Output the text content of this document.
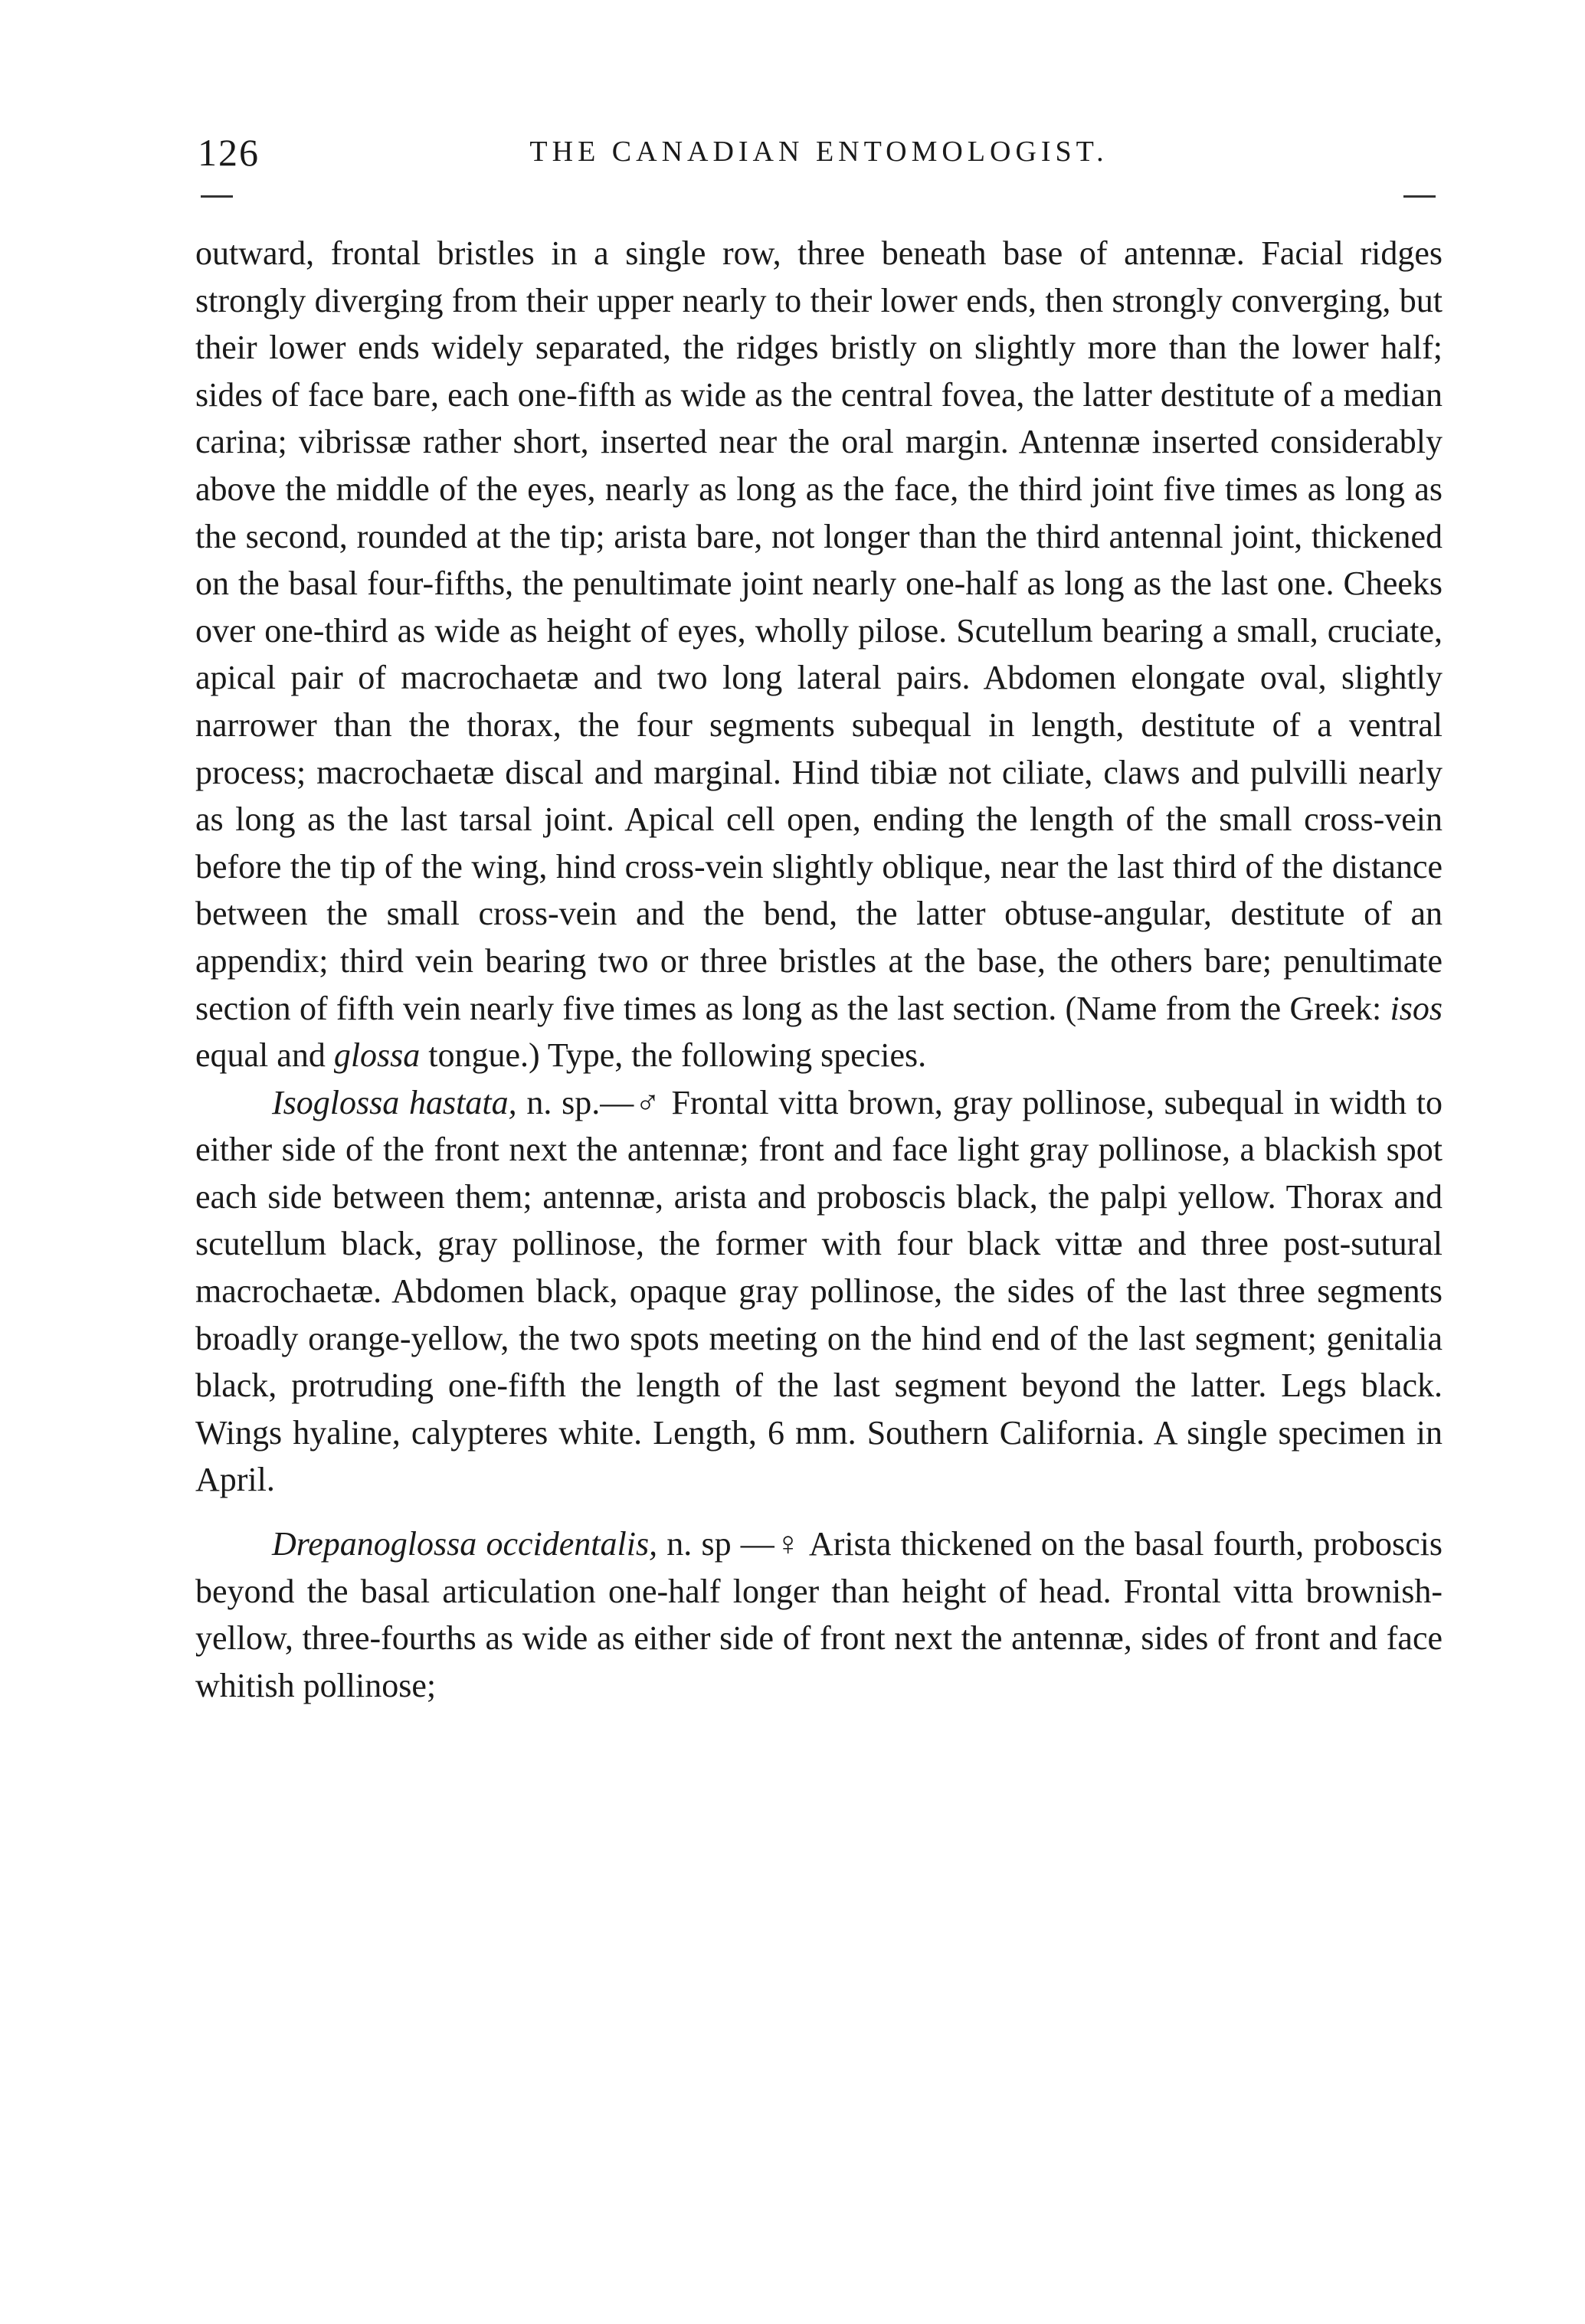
126	THE CANADIAN ENTOMOLOGIST.

outward, frontal bristles in a single row, three beneath base of antennæ. Facial ridges strongly diverging from their upper nearly to their lower ends, then strongly converging, but their lower ends widely separated, the ridges bristly on slightly more than the lower half; sides of face bare, each one-fifth as wide as the central fovea, the latter destitute of a median carina; vibrissæ rather short, inserted near the oral margin. Antennæ inserted considerably above the middle of the eyes, nearly as long as the face, the third joint five times as long as the second, rounded at the tip; arista bare, not longer than the third antennal joint, thickened on the basal four-fifths, the penultimate joint nearly one-half as long as the last one. Cheeks over one-third as wide as height of eyes, wholly pilose. Scutellum bearing a small, cruciate, apical pair of macrochaetæ and two long lateral pairs. Abdomen elongate oval, slightly narrower than the thorax, the four segments subequal in length, destitute of a ventral process; macrochaetæ discal and marginal. Hind tibiæ not ciliate, claws and pulvilli nearly as long as the last tarsal joint. Apical cell open, ending the length of the small cross-vein before the tip of the wing, hind cross-vein slightly oblique, near the last third of the distance between the small cross-vein and the bend, the latter obtuse-angular, destitute of an appendix; third vein bearing two or three bristles at the base, the others bare; penultimate section of fifth vein nearly five times as long as the last section. (Name from the Greek: isos equal and glossa tongue.) Type, the following species.

Isoglossa hastata, n. sp.—♂ Frontal vitta brown, gray pollinose, subequal in width to either side of the front next the antennæ; front and face light gray pollinose, a blackish spot each side between them; antennæ, arista and proboscis black, the palpi yellow. Thorax and scutellum black, gray pollinose, the former with four black vittæ and three post-sutural macrochaetæ. Abdomen black, opaque gray pollinose, the sides of the last three segments broadly orange-yellow, the two spots meeting on the hind end of the last segment; genitalia black, protruding one-fifth the length of the last segment beyond the latter. Legs black. Wings hyaline, calypteres white. Length, 6 mm. Southern California. A single specimen in April.

Drepanoglossa occidentalis, n. sp —♀ Arista thickened on the basal fourth, proboscis beyond the basal articulation one-half longer than height of head. Frontal vitta brownish-yellow, three-fourths as wide as either side of front next the antennæ, sides of front and face whitish pollinose;
